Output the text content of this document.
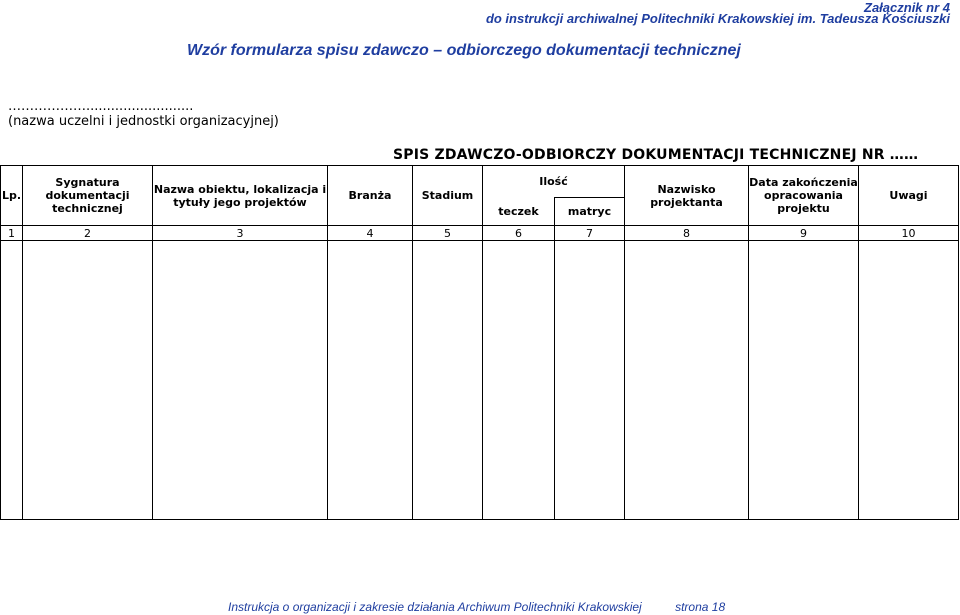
Załącznik nr 4
do instrukcji archiwalnej Politechniki Krakowskiej im. Tadeusza Kościuszki
Wzór formularza spisu zdawczo – odbiorczego dokumentacji technicznej
………………..........................
(nazwa uczelni i jednostki organizacyjnej)
SPIS ZDAWCZO-ODBIORCZY DOKUMENTACJI TECHNICZNEJ NR ……
Lp.	Sygnatura dokumentacji technicznej	Nazwa obiektu, lokalizacja i tytuły jego projektów	Branża	Stadium	Ilość		Nazwisko projektanta	Data zakończenia opracowania projektu	Uwagi
					teczek	matryc			
1	2	3	4	5	6	7	8	9	10

Instrukcja o organizacji i zakresie działania Archiwum Politechniki Krakowskiej	strona 18
